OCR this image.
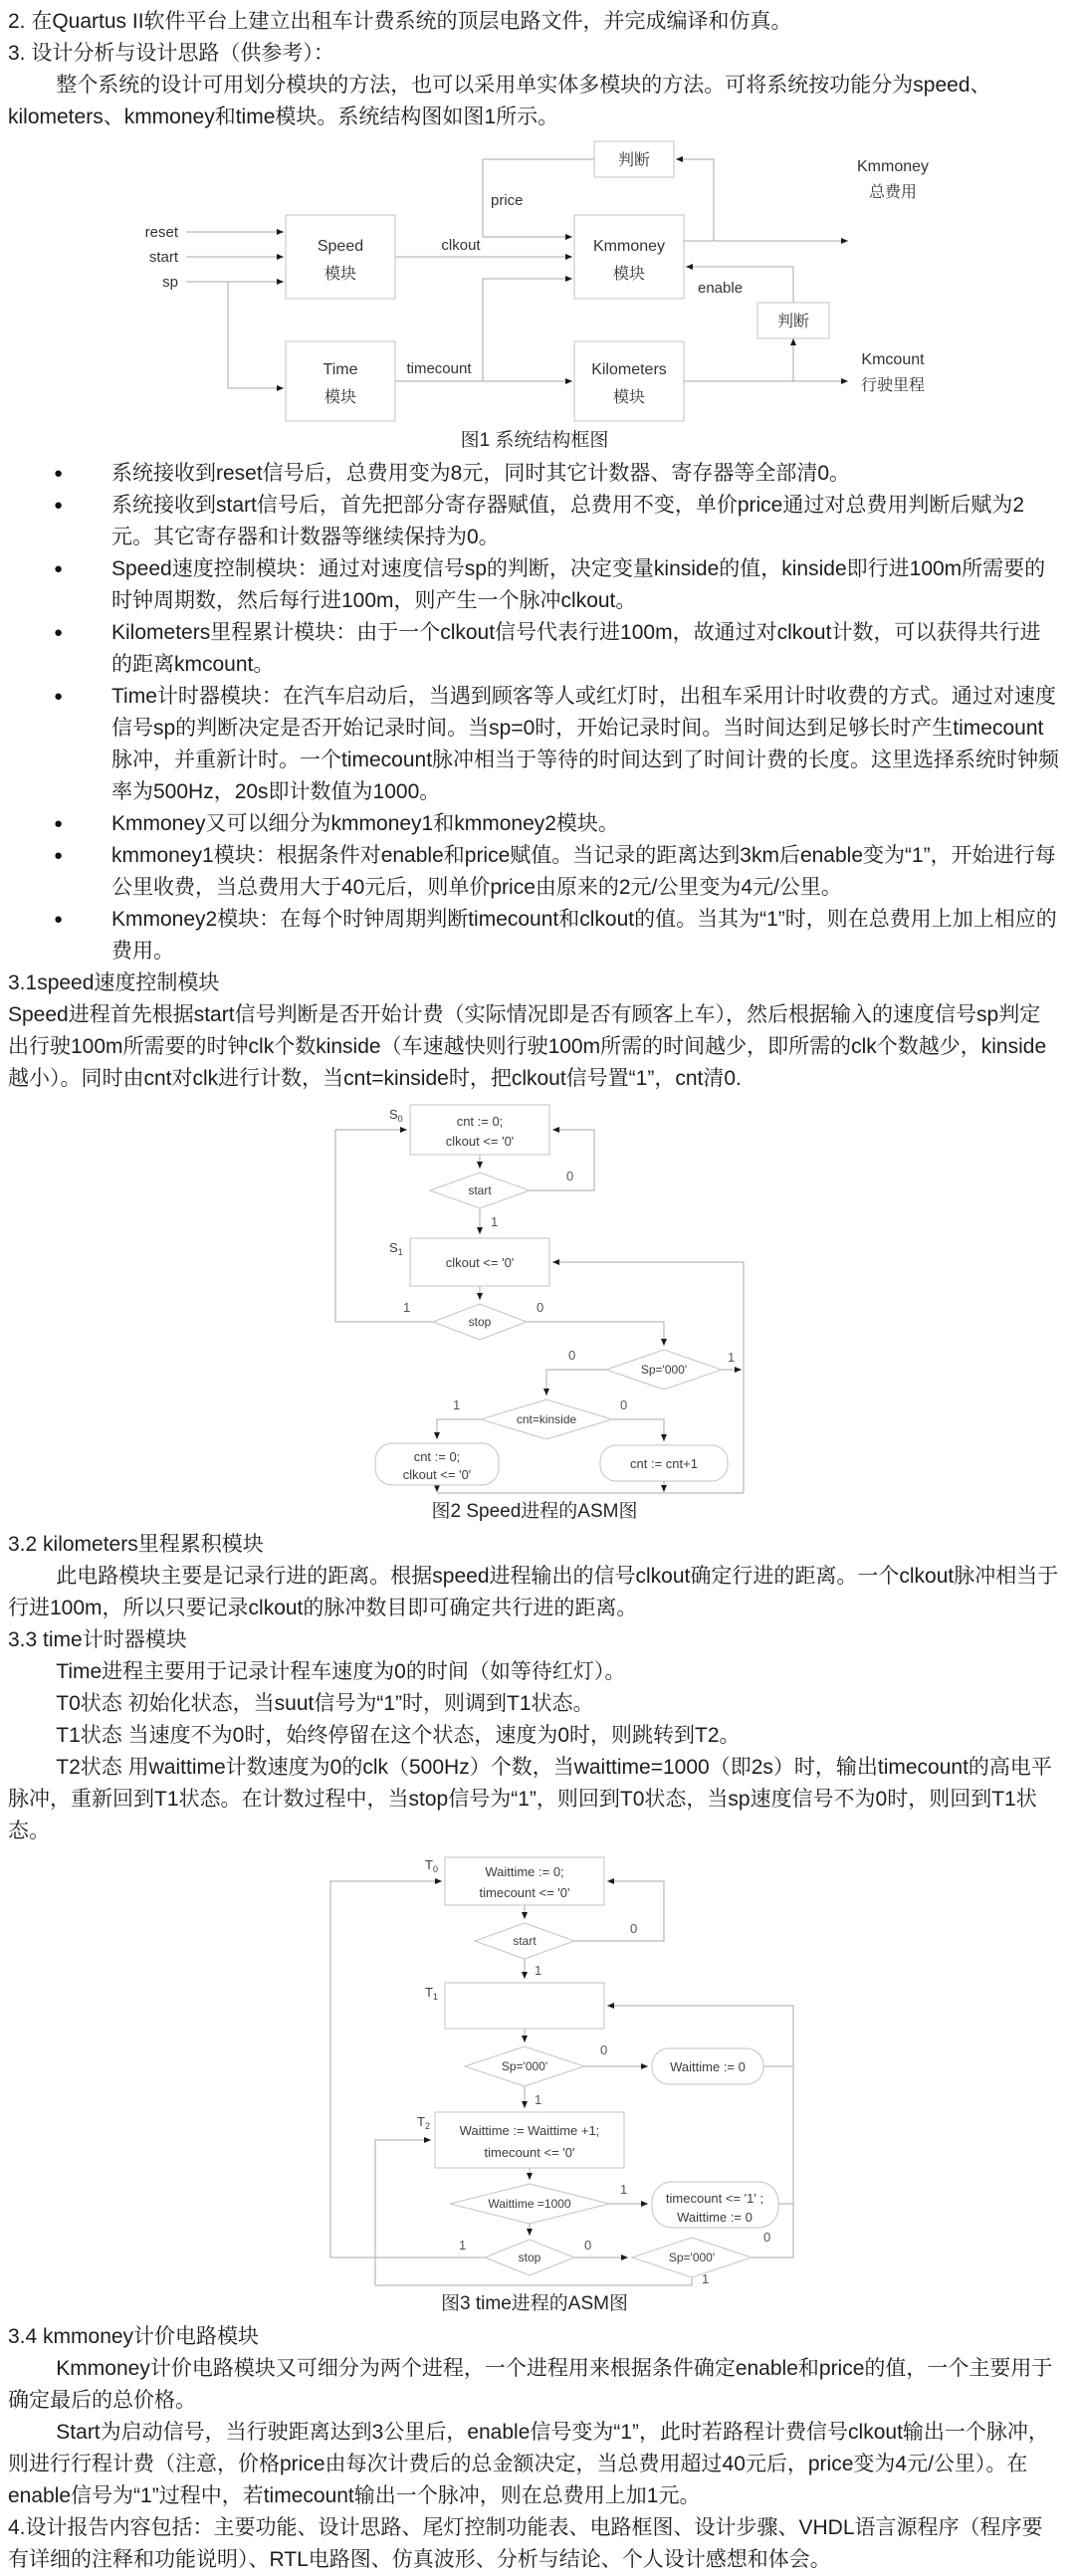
2. 在Quartus II软件平台上建立出租车计费系统的顶层电路文件，并完成编译和仿真。

3. 设计分析与设计思路（供参考）：

整个系统的设计可用划分模块的方法，也可以采用单实体多模块的方法。可将系统按功能分为speed、kilometers、kmmoney和time模块。系统结构图如图1所示。

判断
Speed
模块
Kmmoney
模块
判断
Time
模块
Kilometers
模块
reset
start
sp
clkout
price
enable
timecount
Kmmoney
总费用
Kmcount
行驶里程
图1 系统结构框图
●	系统接收到reset信号后，总费用变为8元，同时其它计数器、寄存器等全部清0。
●	系统接收到start信号后，首先把部分寄存器赋值，总费用不变，单价price通过对总费用判断后赋为2元。其它寄存器和计数器等继续保持为0。
●	Speed速度控制模块：通过对速度信号sp的判断，决定变量kinside的值，kinside即行进100m所需要的时钟周期数，然后每行进100m，则产生一个脉冲clkout。
●	Kilometers里程累计模块：由于一个clkout信号代表行进100m，故通过对clkout计数，可以获得共行进的距离kmcount。
●	Time计时器模块：在汽车启动后，当遇到顾客等人或红灯时，出租车采用计时收费的方式。通过对速度信号sp的判断决定是否开始记录时间。当sp=0时，开始记录时间。当时间达到足够长时产生timecount脉冲，并重新计时。一个timecount脉冲相当于等待的时间达到了时间计费的长度。这里选择系统时钟频率为500Hz，20s即计数值为1000。
●	Kmmoney又可以细分为kmmoney1和kmmoney2模块。
●	kmmoney1模块：根据条件对enable和price赋值。当记录的距离达到3km后enable变为“1”，开始进行每公里收费，当总费用大于40元后，则单价price由原来的2元/公里变为4元/公里。
●	Kmmoney2模块：在每个时钟周期判断timecount和clkout的值。当其为“1”时，则在总费用上加上相应的费用。

3.1speed速度控制模块

Speed进程首先根据start信号判断是否开始计费（实际情况即是否有顾客上车），然后根据输入的速度信号sp判定出行驶100m所需要的时钟clk个数kinside（车速越快则行驶100m所需的时间越少，即所需的clk个数越少，kinside越小）。同时由cnt对clk进行计数，当cnt=kinside时，把clkout信号置“1”，cnt清0.

$S_0$	cnt := 0;
clkout <= '0'
start
0
1
$S_1$
clkout <= '0'
stop
1	0
Sp='000'
0	1
cnt=kinside
1	0
cnt := 0;
clkout <= '0'
cnt := cnt+1
图2 Speed进程的ASM图

3.2 kilometers里程累积模块

此电路模块主要是记录行进的距离。根据speed进程输出的信号clkout确定行进的距离。一个clkout脉冲相当于行进100m，所以只要记录clkout的脉冲数目即可确定共行进的距离。

3.3 time计时器模块

Time进程主要用于记录计程车速度为0的时间（如等待红灯）。

T0状态 初始化状态，当suut信号为“1”时，则调到T1状态。

T1状态 当速度不为0时，始终停留在这个状态，速度为0时，则跳转到T2。

T2状态 用waittime计数速度为0的clk（500Hz）个数，当waittime=1000（即2s）时，输出timecount的高电平脉冲，重新回到T1状态。在计数过程中，当stop信号为“1”，则回到T0状态，当sp速度信号不为0时，则回到T1状态。

$T_0$	Waittime := 0;
timecount <= '0'
start
0
1
$T_1$
Sp='000'
0
1
Waittime := 0
$T_2$ Waittime := Waittime +1;
timecount <= '0'
Waittime =1000
1
timecount <= '1' ;
Waittime := 0
stop
1	0
Sp='000'
0
1
图3 time进程的ASM图

3.4 kmmoney计价电路模块

Kmmoney计价电路模块又可细分为两个进程，一个进程用来根据条件确定enable和price的值，一个主要用于确定最后的总价格。

Start为启动信号，当行驶距离达到3公里后，enable信号变为“1”，此时若路程计费信号clkout输出一个脉冲，则进行行程计费（注意，价格price由每次计费后的总金额决定，当总费用超过40元后，price变为4元/公里）。在enable信号为“1”过程中，若timecount输出一个脉冲，则在总费用上加1元。

4.设计报告内容包括：主要功能、设计思路、尾灯控制功能表、电路框图、设计步骤、VHDL语言源程序（程序要有详细的注释和功能说明）、RTL电路图、仿真波形、分析与结论、个人设计感想和体会。
